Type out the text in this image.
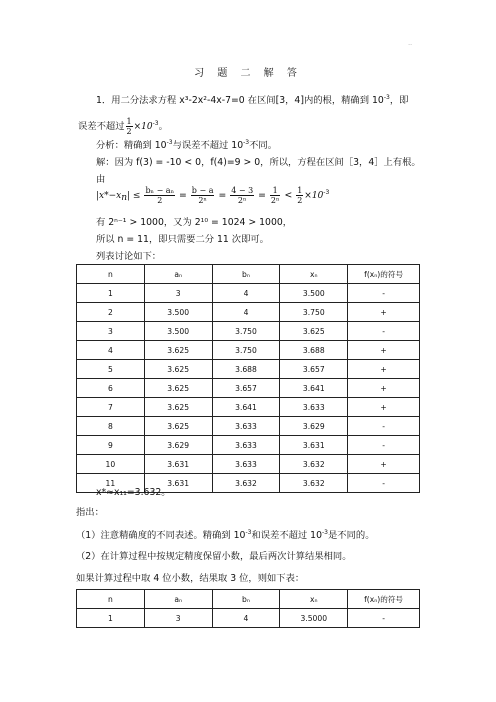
..
习 题 二 解 答
1．用二分法求方程 x³-2x²-4x-7=0 在区间[3，4]内的根，精确到 $10^{-3}$，即
误差不超过 $\frac{1}{2} \times 10^{-3}$。
分析：精确到 $10^{-3}$与误差不超过 $10^{-3}$不同。
解：因为 f(3) = -10 < 0，f(4)=9 > 0，所以，方程在区间［3，4］上有根。
由
$|x*-x_n| \le \frac{\text{bₙ − aₙ}}{2} = \frac{b - a}{\text{2ⁿ}} = \frac{4 - 3}{\text{2ⁿ}} = \frac{1}{\text{2ⁿ}} < \frac{1}{2} \times 10^{-3}$
有 2ⁿ⁻¹ > 1000，又为 2¹⁰ = 1024 > 1000，
所以 n = 11，即只需要二分 11 次即可。
列表讨论如下：
n	aₙ	bₙ	xₙ	f(xₙ)的符号
1	3	4	3.500	-
2	3.500	4	3.750	+
3	3.500	3.750	3.625	-
4	3.625	3.750	3.688	+
5	3.625	3.688	3.657	+
6	3.625	3.657	3.641	+
7	3.625	3.641	3.633	+
8	3.625	3.633	3.629	-
9	3.629	3.633	3.631	-
10	3.631	3.633	3.632	+
11	3.631	3.632	3.632	-
x*≈x₁₁=3.632。
指出：
（1）注意精确度的不同表述。精确到 $10^{-3}$和误差不超过 $10^{-3}$是不同的。
（2）在计算过程中按规定精度保留小数，最后两次计算结果相同。
如果计算过程中取 4 位小数，结果取 3 位，则如下表：
n	aₙ	bₙ	xₙ	f(xₙ)的符号
1	3	4	3.5000	-
